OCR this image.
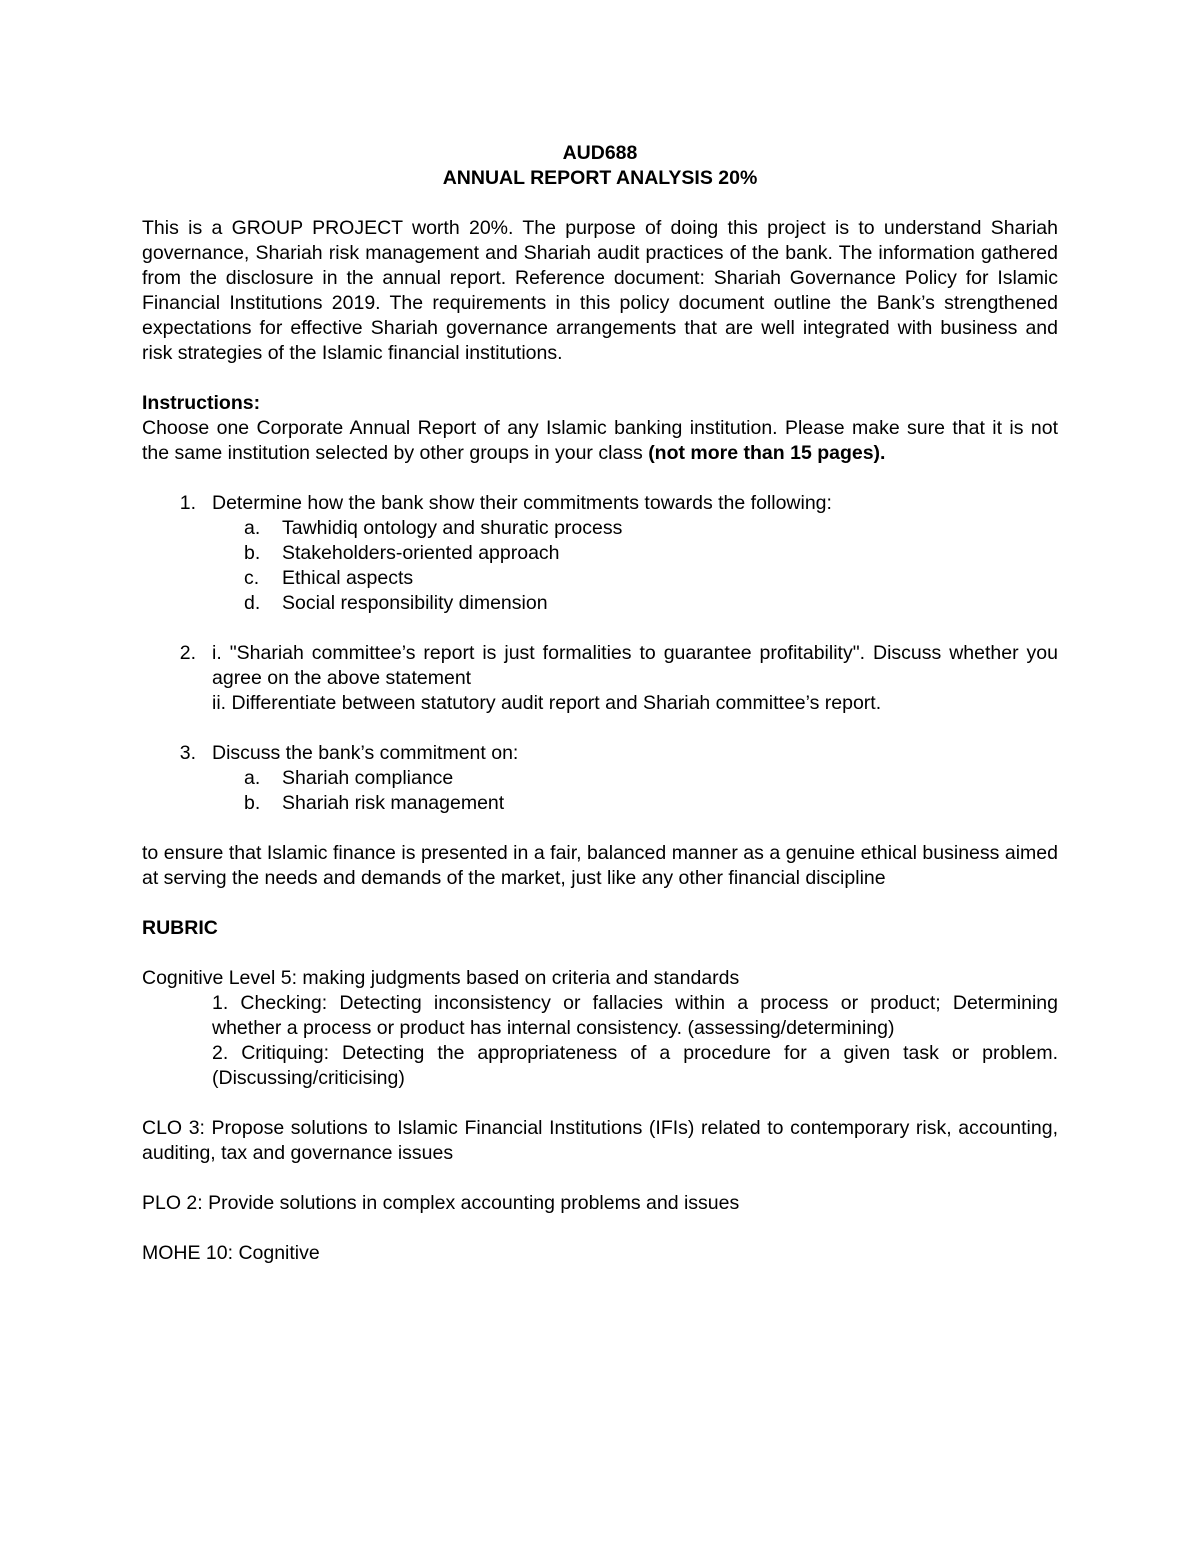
AUD688

ANNUAL REPORT ANALYSIS 20%

This is a GROUP PROJECT worth 20%. The purpose of doing this project is to understand Shariah governance, Shariah risk management and Shariah audit practices of the bank. The information gathered from the disclosure in the annual report. Reference document: Shariah Governance Policy for Islamic Financial Institutions 2019. The requirements in this policy document outline the Bank’s strengthened expectations for effective Shariah governance arrangements that are well integrated with business and risk strategies of the Islamic financial institutions.

Instructions:

Choose one Corporate Annual Report of any Islamic banking institution. Please make sure that it is not the same institution selected by other groups in your class (not more than 15 pages).

1. Determine how the bank show their commitments towards the following:
a.	Tawhidiq ontology and shuratic process
b.	Stakeholders-oriented approach
c.	Ethical aspects
d.	Social responsibility dimension
2. i. "Shariah committee’s report is just formalities to guarantee profitability". Discuss whether you agree on the above statement

ii. Differentiate between statutory audit report and Shariah committee’s report.

3. Discuss the bank’s commitment on:
a.	Shariah compliance
b.	Shariah risk management

to ensure that Islamic finance is presented in a fair, balanced manner as a genuine ethical business aimed at serving the needs and demands of the market, just like any other financial discipline

RUBRIC

Cognitive Level 5: making judgments based on criteria and standards

1. Checking: Detecting inconsistency or fallacies within a process or product; Determining whether a process or product has internal consistency. (assessing/determining)

2. Critiquing: Detecting the appropriateness of a procedure for a given task or problem. (Discussing/criticising)

CLO 3: Propose solutions to Islamic Financial Institutions (IFIs) related to contemporary risk, accounting, auditing, tax and governance issues

PLO 2: Provide solutions in complex accounting problems and issues

MOHE 10: Cognitive
